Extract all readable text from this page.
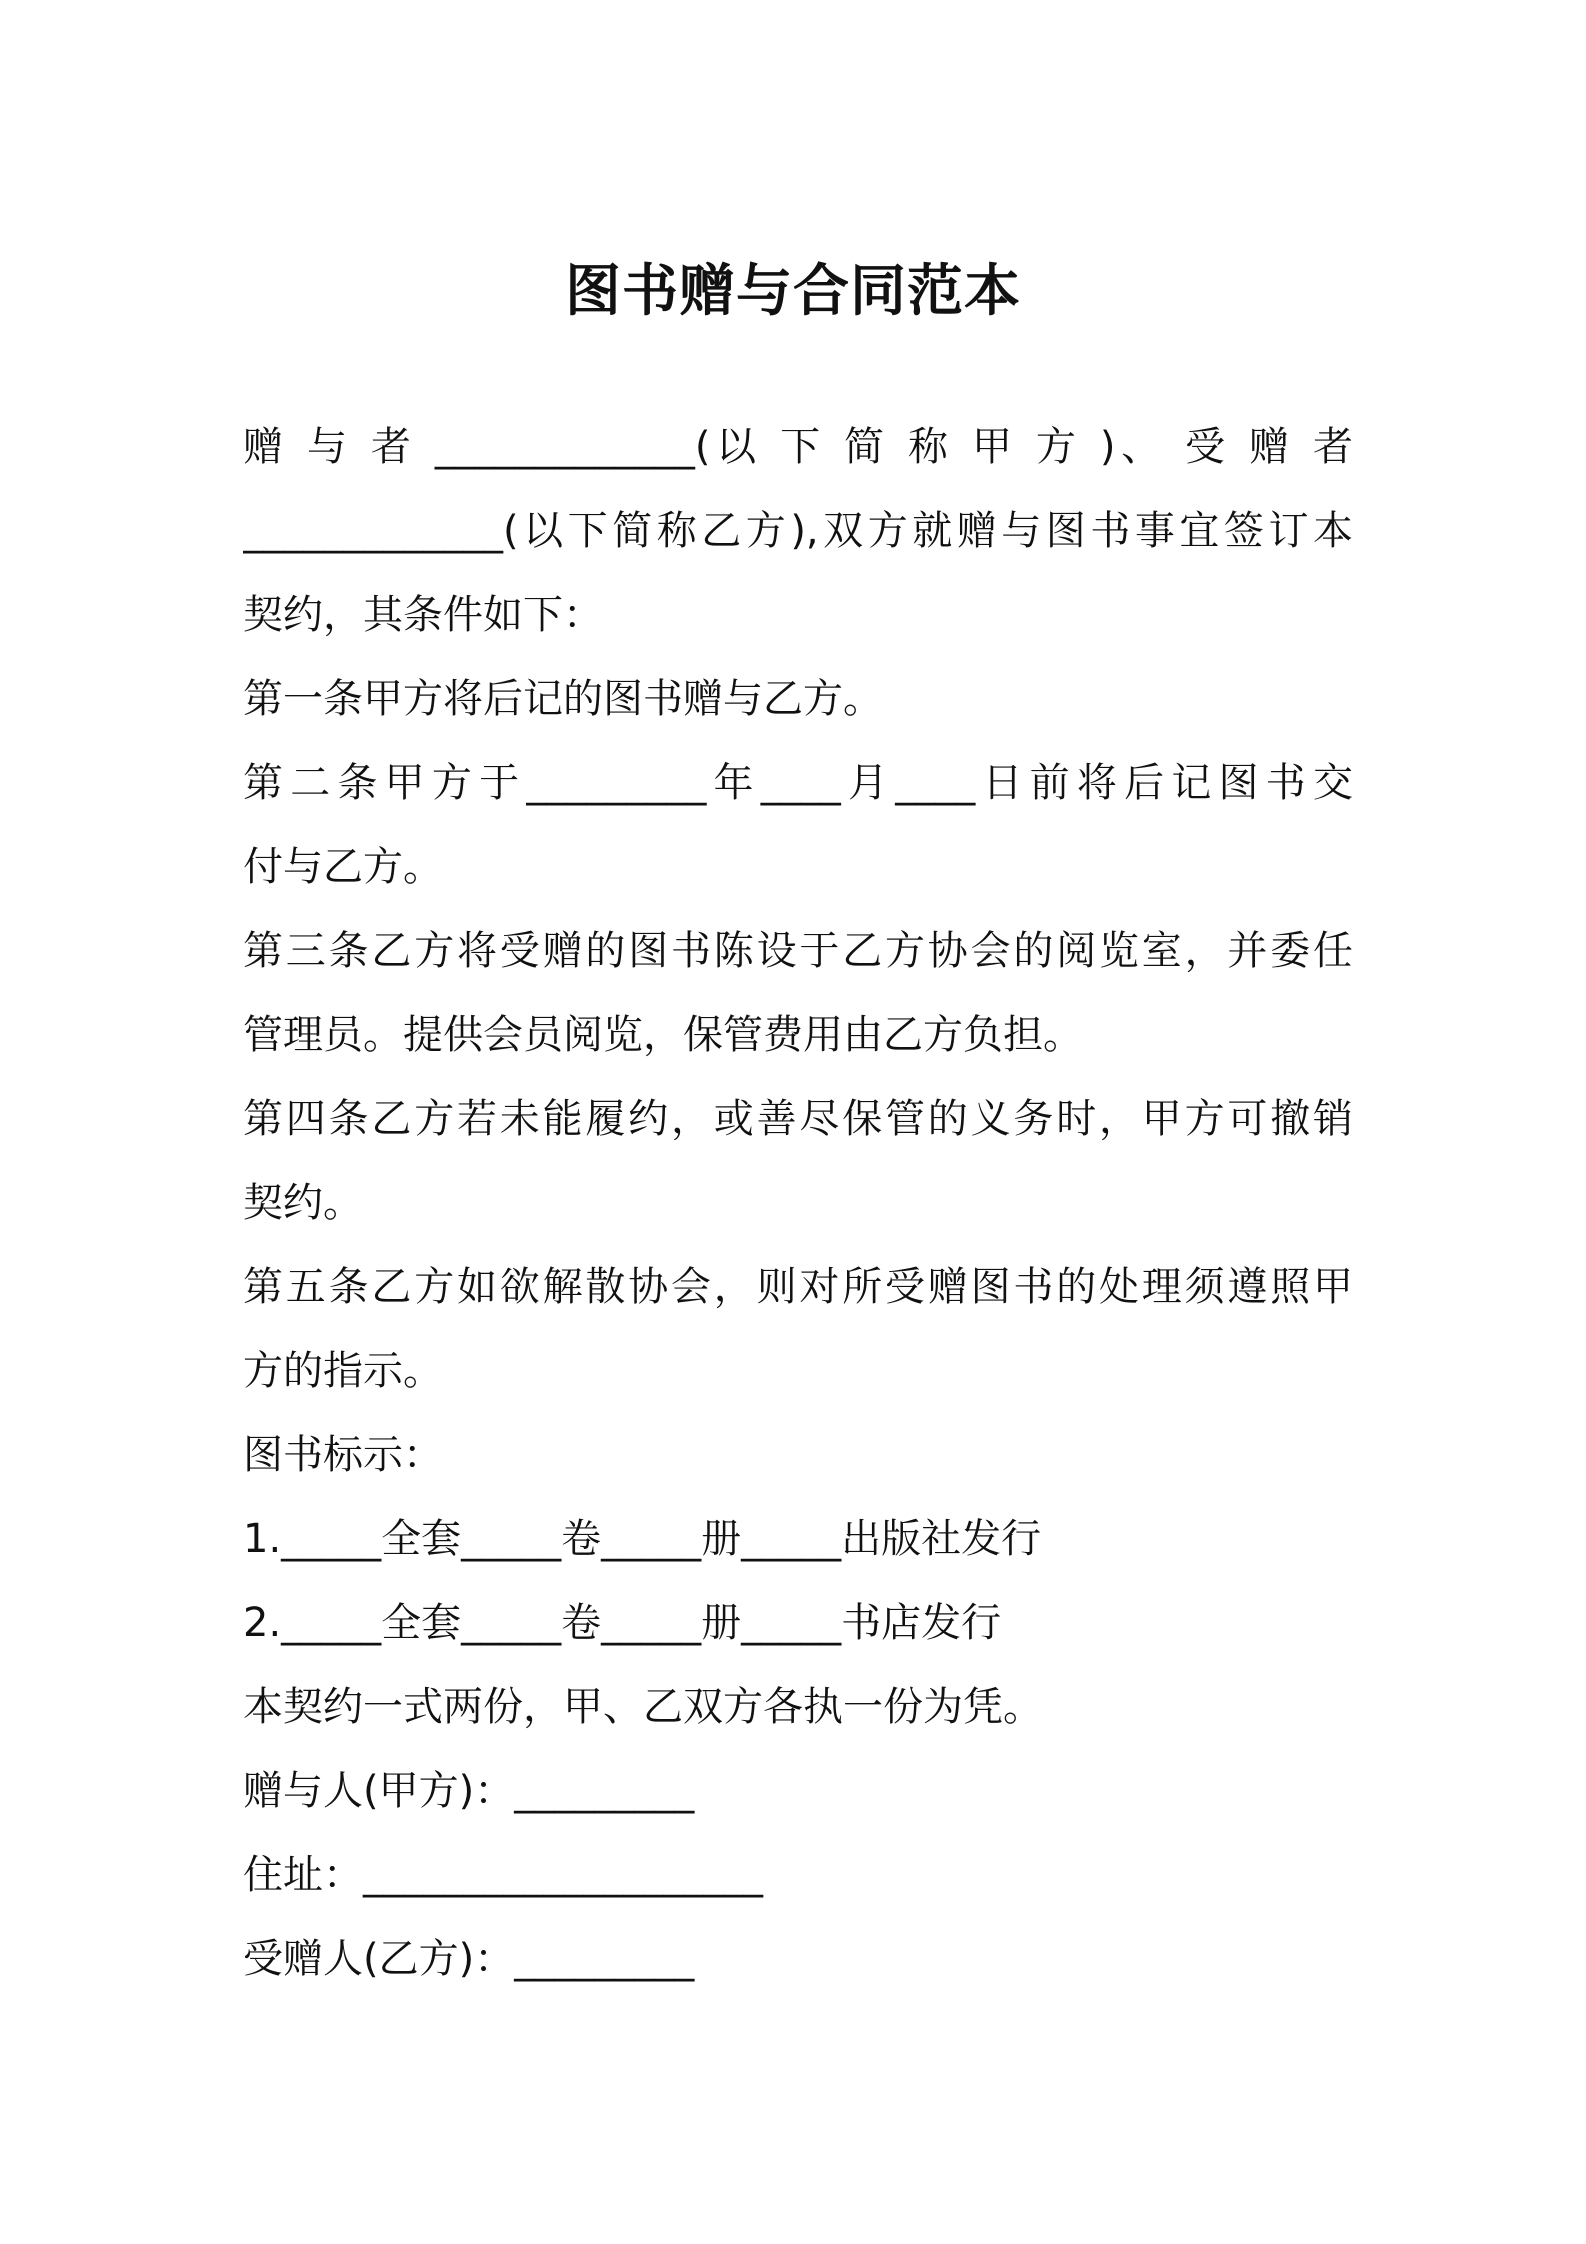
图书赠与合同范本
赠 与 者 _____________(以 下 简 称 甲 方 )、 受 赠 者
_____________(以下简称乙方),双方就赠与图书事宜签订本
契约，其条件如下：
第一条甲方将后记的图书赠与乙方。
第二条甲方于_________年____月____日前将后记图书交
付与乙方。
第三条乙方将受赠的图书陈设于乙方协会的阅览室，并委任
管理员。提供会员阅览，保管费用由乙方负担。
第四条乙方若未能履约，或善尽保管的义务时，甲方可撤销
契约。
第五条乙方如欲解散协会，则对所受赠图书的处理须遵照甲
方的指示。
图书标示：
1._____全套_____卷_____册_____出版社发行
2._____全套_____卷_____册_____书店发行
本契约一式两份，甲、乙双方各执一份为凭。
赠与人(甲方)：_________
住址：____________________
受赠人(乙方)：_________
